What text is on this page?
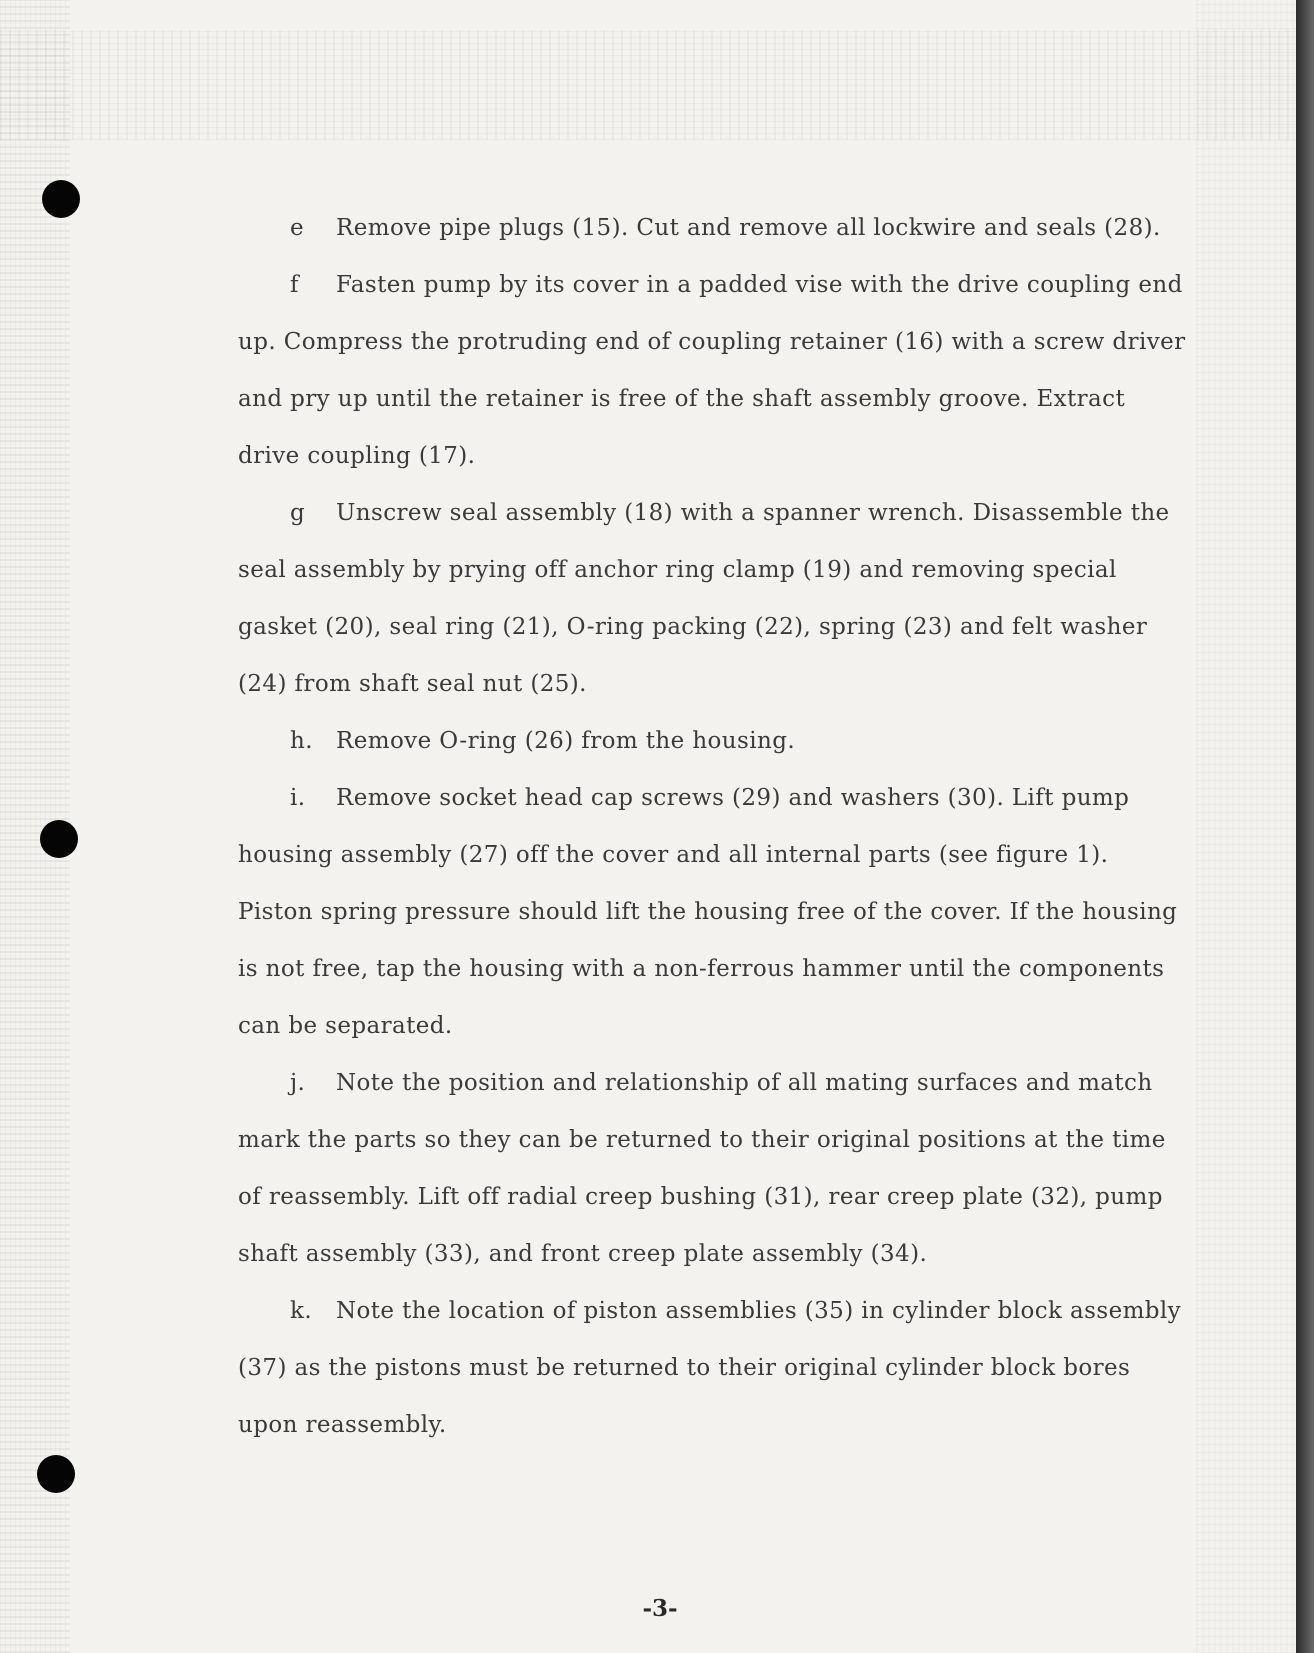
e Remove pipe plugs (15). Cut and remove all lockwire and seals (28).

f Fasten pump by its cover in a padded vise with the drive coupling end up. Compress the protruding end of coupling retainer (16) with a screw driver and pry up until the retainer is free of the shaft assembly groove. Extract drive coupling (17).

g Unscrew seal assembly (18) with a spanner wrench. Disassemble the seal assembly by prying off anchor ring clamp (19) and removing special gasket (20), seal ring (21), O-ring packing (22), spring (23) and felt washer (24) from shaft seal nut (25).

h. Remove O-ring (26) from the housing.

i. Remove socket head cap screws (29) and washers (30). Lift pump housing assembly (27) off the cover and all internal parts (see figure 1). Piston spring pressure should lift the housing free of the cover. If the housing is not free, tap the housing with a non-ferrous hammer until the components can be separated.

j. Note the position and relationship of all mating surfaces and match mark the parts so they can be returned to their original positions at the time of reassembly. Lift off radial creep bushing (31), rear creep plate (32), pump shaft assembly (33), and front creep plate assembly (34).

k. Note the location of piston assemblies (35) in cylinder block assembly (37) as the pistons must be returned to their original cylinder block bores upon reassembly.

-3-
